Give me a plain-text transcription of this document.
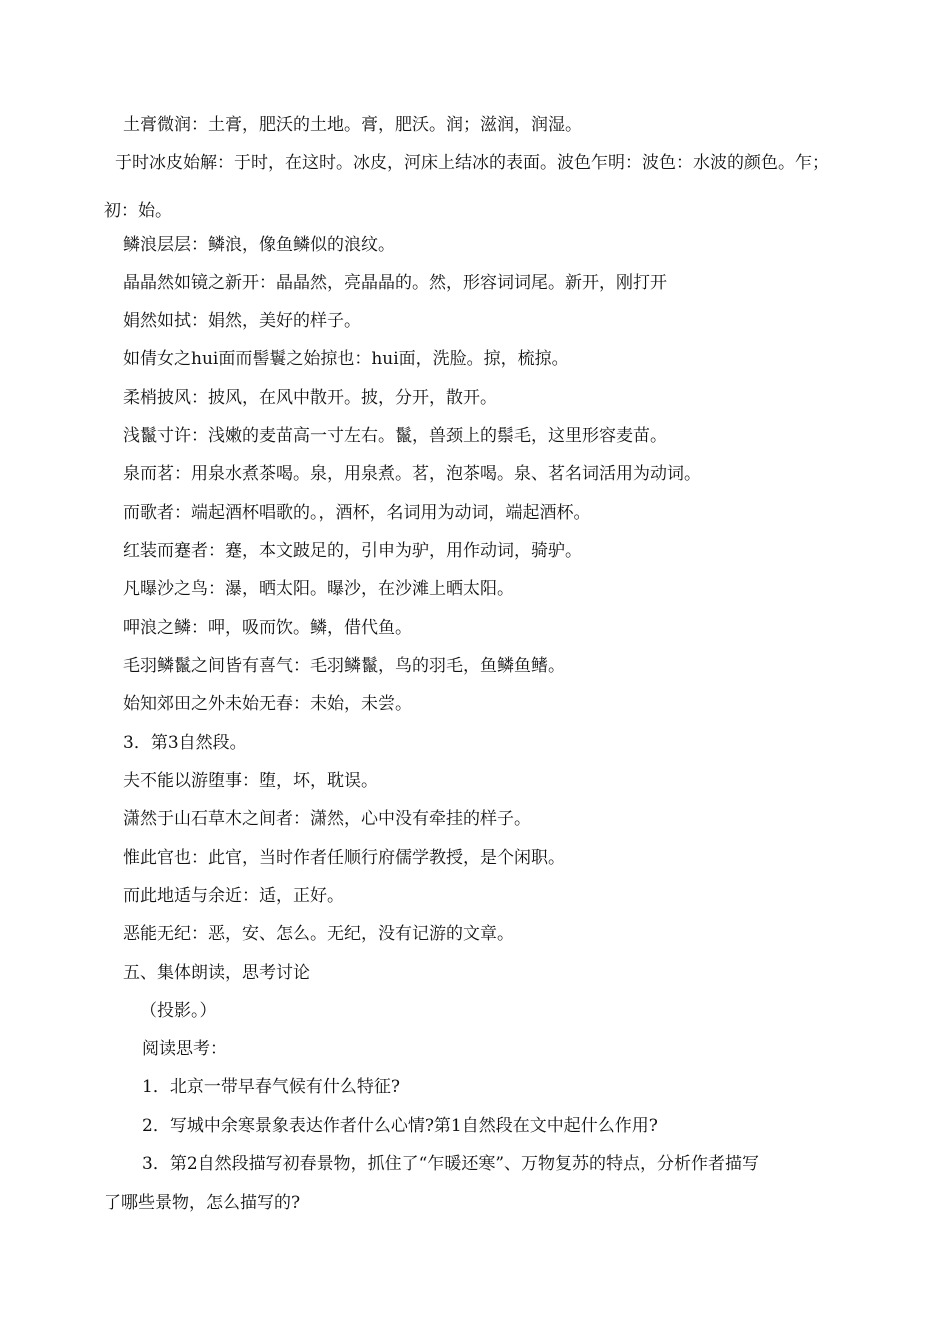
土膏微润：土膏，肥沃的土地。膏，肥沃。润；滋润，润湿。
于时冰皮始解：于时，在这时。冰皮，河床上结冰的表面。波色乍明：波色：水波的颜色。乍；
初：始。
鳞浪层层：鳞浪，像鱼鳞似的浪纹。
晶晶然如镜之新开：晶晶然，亮晶晶的。然，形容词词尾。新开，刚打开
娟然如拭：娟然，美好的样子。
如倩女之hui面而髻鬟之始掠也：hui面，洗脸。掠，梳掠。
柔梢披风：披风，在风中散开。披，分开，散开。
浅鬣寸许：浅嫩的麦苗高一寸左右。鬣，兽颈上的鬃毛，这里形容麦苗。
泉而茗：用泉水煮茶喝。泉，用泉煮。茗，泡茶喝。泉、茗名词活用为动词。
而歌者：端起酒杯唱歌的。，酒杯，名词用为动词，端起酒杯。
红装而蹇者：蹇，本文跛足的，引申为驴，用作动词，骑驴。
凡曝沙之鸟：瀑，晒太阳。曝沙，在沙滩上晒太阳。
呷浪之鳞：呷，吸而饮。鳞，借代鱼。
毛羽鳞鬣之间皆有喜气：毛羽鳞鬣，鸟的羽毛，鱼鳞鱼鳍。
始知郊田之外未始无春：未始，未尝。
3．第3自然段。
夫不能以游堕事：堕，坏，耽误。
潇然于山石草木之间者：潇然，心中没有牵挂的样子。
惟此官也：此官，当时作者任顺行府儒学教授，是个闲职。
而此地适与余近：适，正好。
恶能无纪：恶，安、怎么。无纪，没有记游的文章。
五、集体朗读，思考讨论
（投影。）
阅读思考：
1．北京一带早春气候有什么特征?
2．写城中余寒景象表达作者什么心情?第1自然段在文中起什么作用?
3．第2自然段描写初春景物，抓住了“乍暖还寒”、万物复苏的特点，分析作者描写
了哪些景物，怎么描写的?
